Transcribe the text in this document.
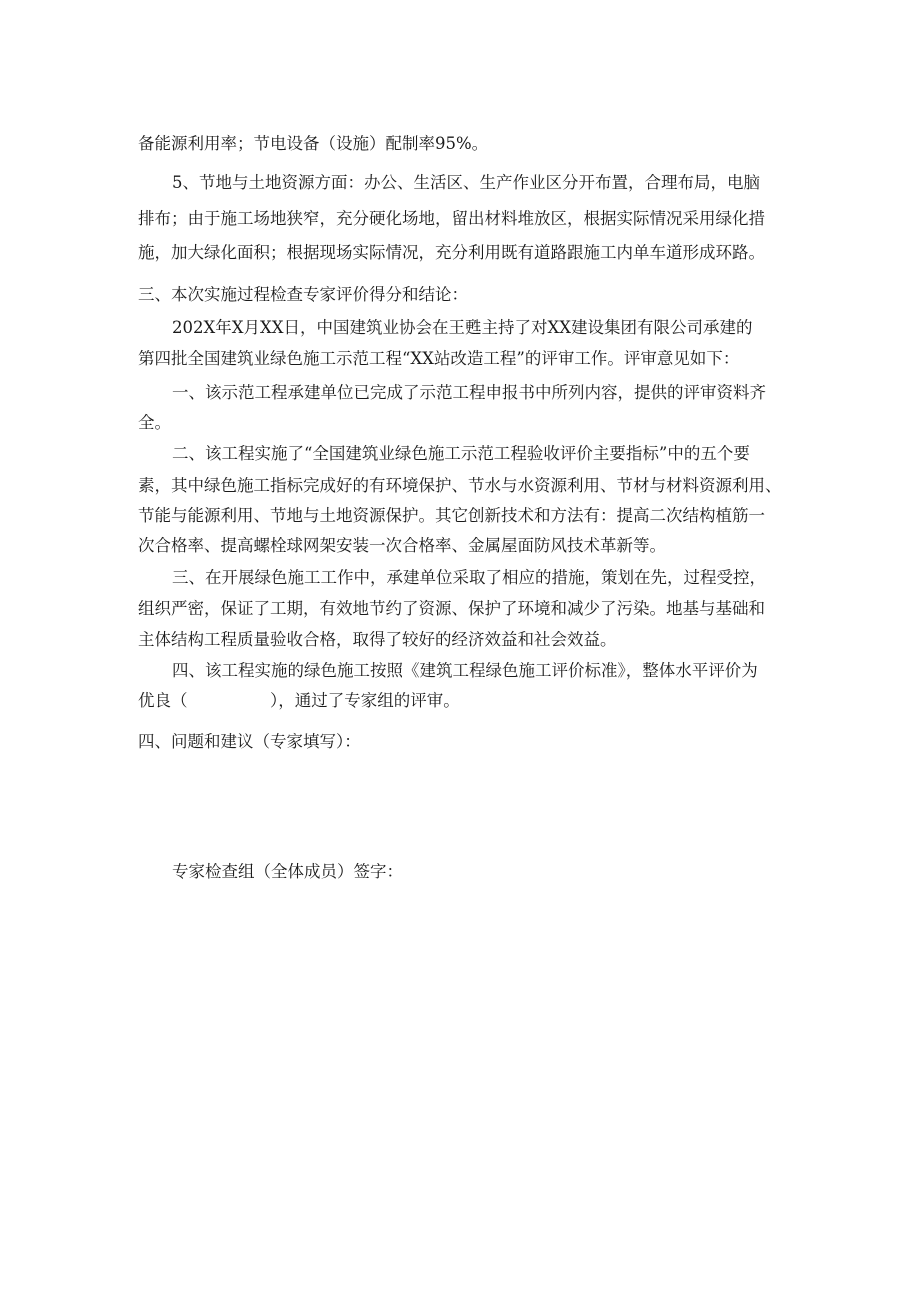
备能源利用率；节电设备（设施）配制率95%。
5、节地与土地资源方面：办公、生活区、生产作业区分开布置，合理布局，电脑
排布；由于施工场地狭窄，充分硬化场地，留出材料堆放区，根据实际情况采用绿化措
施，加大绿化面积；根据现场实际情况，充分利用既有道路跟施工内单车道形成环路。
三、本次实施过程检查专家评价得分和结论：
202X年X月XX日，中国建筑业协会在王甦主持了对XX建设集团有限公司承建的
第四批全国建筑业绿色施工示范工程“XX站改造工程”的评审工作。评审意见如下：
一、该示范工程承建单位已完成了示范工程申报书中所列内容，提供的评审资料齐
全。
二、该工程实施了“全国建筑业绿色施工示范工程验收评价主要指标”中的五个要
素，其中绿色施工指标完成好的有环境保护、节水与水资源利用、节材与材料资源利用、
节能与能源利用、节地与土地资源保护。其它创新技术和方法有：提高二次结构植筋一
次合格率、提高螺栓球网架安装一次合格率、金属屋面防风技术革新等。
三、在开展绿色施工工作中，承建单位采取了相应的措施，策划在先，过程受控，
组织严密，保证了工期，有效地节约了资源、保护了环境和减少了污染。地基与基础和
主体结构工程质量验收合格，取得了较好的经济效益和社会效益。
四、该工程实施的绿色施工按照《建筑工程绿色施工评价标准》，整体水平评价为
优良（　　　　　），通过了专家组的评审。
四、问题和建议（专家填写）：
专家检查组（全体成员）签字：
